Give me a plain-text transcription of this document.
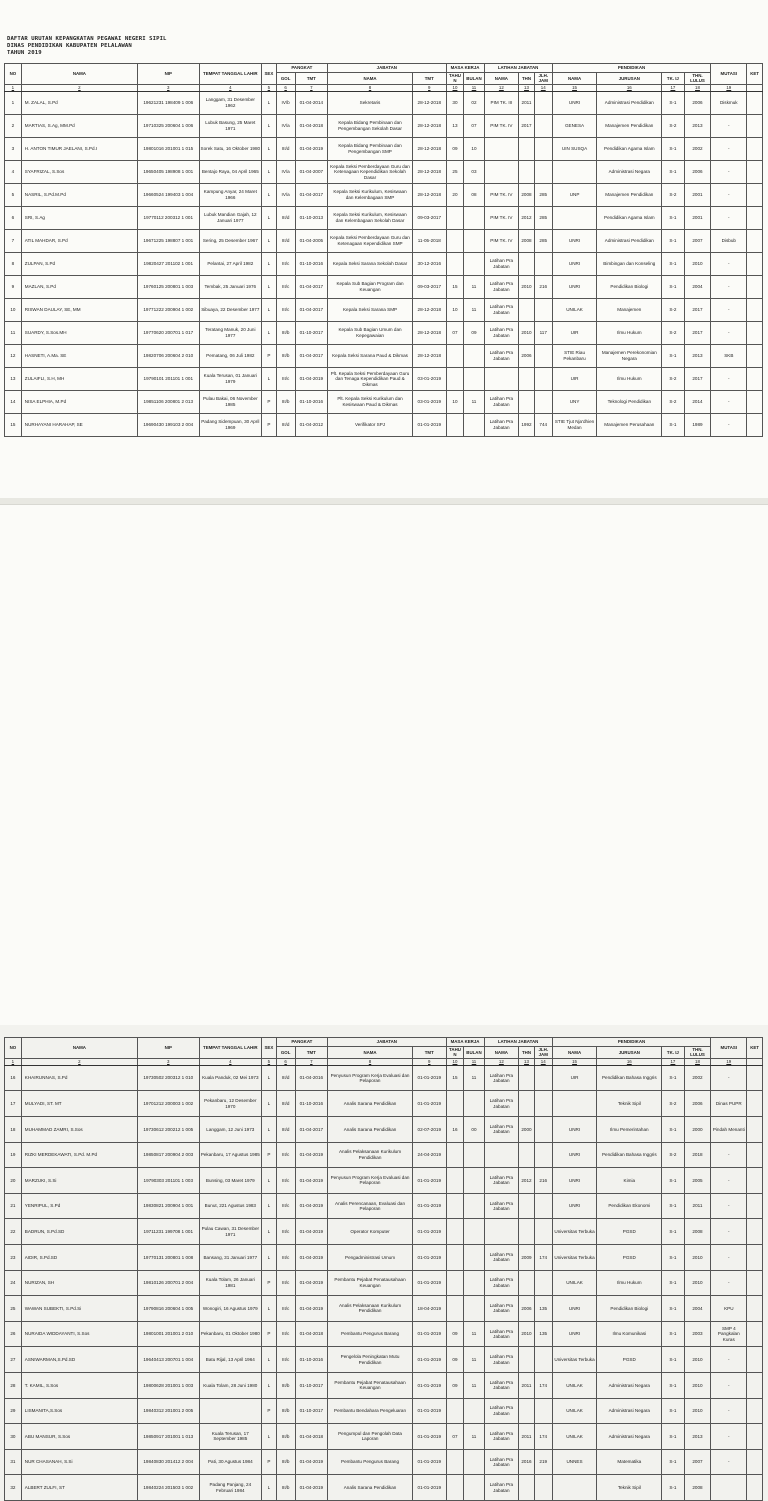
DAFTAR URUTAN KEPANGKATAN PEGAWAI NEGERI SIPIL
DINAS PENDIDIKAN KABUPATEN PELALAWAN
TAHUN 2019
NO	NAMA	NIP	TEMPAT TANGGAL LAHIR	SEX	PANGKAT		JABATAN		MASA KERJA		LATIHAN JABATAN			PENDIDIKAN				MUTASI	KET
					GOL	TMT	NAMA	TMT	TAHUN	BULAN	NAMA	THN	JLH. JAM	NAMA	JURUSAN	TK. IJ	THN. LULUS		
1	2	3	4	5	6	7	8	9	10	11	12	13	14	15	16	17	18	19	
1	M. ZALAL, S.Pd	19621231 198409 1 006	Langgam, 31 Desember 1962	L	IV/b	01-04-2014	Sekretaris	28-12-2018	30	02	PIM TK. III	2011		UNRI	Administrasi Pendidikan	S-1	2006	Diskmuk	
2	MARTIAS, S.Ag, MM.Pd	19710325 200604 1 006	Lubuk Basung, 25 Maret 1971	L	IV/a	01-04-2018	Kepala Bidang Pembinaan dan Pengembangan Sekolah Dasar	28-12-2018	13	07	PIM TK. IV	2017		GENESA	Manajemen Pendidikan	S-2	2013	-	
3	H. ANTON TIMUR JAELANI, S.Pd.I	19801016 201001 1 015	Sorek Satu, 16 Oktober 1980	L	III/d	01-04-2019	Kepala Bidang Pembinaan dan Pengembangan SMP	28-12-2018	09	10				UIN SUSQA	Pendidikan Agama Islam	S-1	2002	-	
4	SYAFRIZAL, S.Sos	19650405 198908 1 001	Bentajo Raya, 04 April 1965	L	IV/a	01-04-2007	Kepala Seksi Pemberdayaan Guru dan Ketenagaan Kependidikan Sekolah Dasar	28-12-2018	25	03					Administrasi Negara	S-1	2006	-	
5	NASRIL, S.Pd.M.Pd	19660524 199403 1 004	Kampung Anyar, 24 Maret 1966	L	IV/a	01-04-2017	Kepala Seksi Kurikulum, Kesiswaan dan Kelembagaan SMP	28-12-2018	20	08	PIM TK. IV	2008	285	UNP	Manajemen Pendidikan	S-2	2001	-	
6	SRI, S.Ag	19770112 200312 1 001	Lubuk Mandian Gajah, 12 Januari 1977	L	III/d	01-10-2013	Kepala Seksi Kurikulum, Kesiswaan dan Kelembagaan Sekolah Dasar	09-03-2017			PIM TK. IV	2012	285		Pendidikan Agama Islam	S-1	2001	-	
7	ATIL MAHDAR, S.Pd	19671225 198807 1 001	Sering, 25 Desember 1967	L	III/d	01-04-2005	Kepala Seksi Pemberdayaan Guru dan Ketenagaan Kependidikan SMP	11-05-2018			PIM TK. IV	2008	285	UNRI	Administrasi Pendidikan	S-1	2007	Disbub	
8	ZULPAN, S.Pd	19820427 201102 1 001	Pelantai, 27 April 1982	L	III/c	01-10-2016	Kepala Seksi Sarana Sekolah Dasar	30-12-2016			Latihan Pra Jabatan			UNRI	Bimbingan dan Konseling	S-1	2010	-	
9	MAZLAN, S.Pd	19760125 200801 1 003	Tembak, 25 Januari 1976	L	III/c	01-04-2017	Kepala Sub Bagian Program dan Keuangan	09-03-2017	15	11	Latihan Pra Jabatan	2010	216	UNRI	Pendidikan Biologi	S-1	2004	-	
10	RISWAN DAULAY, SE, MM	19771222 200904 1 002	Sibuaya, 22 Desember 1977	L	III/c	01-04-2017	Kepala Seksi Sarana SMP	28-12-2018	10	11	Latihan Pra Jabatan			UNILAK	Manajemen	S-2	2017	-	
11	SUARDY, S.Sos.MH	19770620 200701 1 017	Teratang Manuk, 20 Juni 1977	L	III/b	01-10-2017	Kepala Sub Bagian Umum dan Kepegawaian	28-12-2018	07	09	Latihan Pra Jabatan	2010	117	UIR	Ilmu Hukum	S-2	2017	-	
12	HASNETI, A.Ma. SE	19820706 200604 2 010	Pematang, 06 Juli 1982	P	III/b	01-04-2017	Kepala Seksi Sarana Paud & Dikmas	28-12-2018			Latihan Pra Jabatan	2006		STIE Riau Pekanbaru	Manajemen Perekonomian Negara	S-1	2013	SKB	
13	ZULAIFLI, S.H, MH	19790101 201101 1 001	Kuala Terusan, 01 Januari 1979	L	III/c	01-04-2019	Plt. Kepala Seksi Pemberdayaan Guru dan Tenaga Kependidikan Paud & Dikmas	03-01-2019						UIR	Ilmu Hukum	S-2	2017	-	
14	NISA ELPHIA, M.Pd	19851106 200801 2 013	Pulau Bakai, 06 November 1985	P	III/b	01-10-2016	Plt. Kepala Seksi Kurikulum dan Kesiswaan Paud & Dikmas	03-01-2019	10	11	Latihan Pra Jabatan			UNY	Teknologi Pendidikan	S-2	2014	-	
15	NURHAYANI HARAHAP, SE	19690430 199103 2 004	Padang Sidempuan, 30 April 1969	P	III/d	01-04-2012	Verifikator SPJ	01-01-2019			Latihan Pra Jabatan	1992	744	STIE Tjut Nja'dhien Medan	Manajemen Perusahaan	S-1	1989	-	
NO	NAMA	NIP	TEMPAT TANGGAL LAHIR	SEX	PANGKAT		JABATAN		MASA KERJA		LATIHAN JABATAN			PENDIDIKAN				MUTASI	KET
					GOL	TMT	NAMA	TMT	TAHUN	BULAN	NAMA	THN	JLH. JAM	NAMA	JURUSAN	TK. IJ	THN. LULUS		
1	2	3	4	5	6	7	8	9	10	11	12	13	14	15	16	17	18	19	
16	KHAIRUNNAS, S.Pd	19730502 200312 1 010	Kuala Panduk, 02 Mei 1973	L	III/d	01-04-2016	Penyusun Program Kerja Evaluasi dan Pelaporan	01-01-2019	15	11	Latihan Pra Jabatan			UIR	Pendidikan Bahasa Inggris	S-1	2002	-	
17	MULYADI, ST. MT	19701212 200003 1 002	Pekanbaru, 12 Desember 1970	L	III/d	01-10-2016	Analis Sarana Pendidikan	01-01-2019			Latihan Pra Jabatan				Teknik Sipil	S-2	2006	Dinas PUPR	
18	MUHAMMAD ZAMRI, S.Sos	19730612 200212 1 005	Langgam, 12 Juni 1973	L	III/d	01-04-2017	Analis Sarana Pendidikan	02-07-2019	16	00	Latihan Pra Jabatan	2000		UNRI	Ilmu Pemerintahan	S-1	2000	Pindah Menanti	
19	RIZKI MERDEKAWATI, S.Pd. M.Pd	19850817 200904 2 003	Pekanbaru, 17 Agustus 1985	P	III/c	01-04-2019	Analis Pelaksanaan Kurikulum Pendidikan	24-04-2019						UNRI	Pendidikan Bahasa Inggris	S-2	2018	-	
20	MARZUKI, S.Si	19790303 201101 1 003	Bunsing, 03 Maret 1979	L	III/c	01-04-2019	Penyusun Program Kerja Evaluasi dan Pelaporan	01-01-2019			Latihan Pra Jabatan	2012	216	UNRI	Kimia	S-1	2005	-	
21	YENRIPUL, S.Pd	19830821 200904 1 001	Bunut, 221 Agustus 1983	L	III/c	01-04-2019	Analis Perencanaan, Evaluasi dan Pelaporan	01-01-2019			Latihan Pra Jabatan			UNRI	Pendidikan Ekonomi	S-1	2011	-	
22	BADRUN, S.Pd.SD	19711231 199708 1 001	Pulau Cawan, 31 Desember 1971	L	III/c	01-04-2019	Operator Komputer	01-01-2019						Universitas Terbuka	PGSD	S-1	2008	-	
23	AIDIR, S.Pd.SD	19770131 200801 1 008	Bansang, 31 Januari 1977	L	III/c	01-04-2019	Pengadministrasi Umum	01-01-2019			Latihan Pra Jabatan	2009	174	Universitas Terbuka	PGSD	S-1	2010	-	
24	NURIZAN, SH	19810126 200701 2 004	Kuala Tolam, 26 Januari 1981	P	III/c	01-04-2019	Pembantu Pejabat Penatausahaan Keuangan	01-01-2019			Latihan Pra Jabatan			UNILAK	Ilmu Hukum	S-1	2010	-	
25	WAWAN SUBEKTI, S.Pd.Si	19790816 200604 1 005	Wonogiri, 16 Agustus 1979	L	III/c	01-04-2019	Analis Pelaksanaan Kurikulum Pendidikan	18-04-2019			Latihan Pra Jabatan	2006	135	UNRI	Pendidikan Biologi	S-1	2004	KPU	
26	NURAIDA WIDDAYANTI, S.Sos	19801001 201001 2 010	Pekanbaru, 01 Oktober 1980	P	III/c	01-04-2018	Pembantu Pengurus Barang	01-01-2019	09	11	Latihan Pra Jabatan	2010	135	UNRI	Ilmu Komunikasi	S-1	2003	SMP 4 Pangkalan Kuras	
27	ASNIWARMAN,S.Pd.SD	19640413 200701 1 004	Batu Rijal, 13 April 1964	L	III/c	01-10-2016	Pengelola Peningkatan Mutu Pendidikan	01-01-2019	09	11	Latihan Pra Jabatan			Universitas Terbuka	PGSD	S-1	2010	-	
28	T. KAMIL, S.Sos	19800628 201001 1 003	Kuala Tolam, 28 Juni 1980	L	III/b	01-10-2017	Pembantu Pejabat Penatausahaan Keuangan	01-01-2019	09	11	Latihan Pra Jabatan	2011	174	UNILAK	Administrasi Negara	S-1	2010	-	
29	LISMANITA,S.Sos	19840312 201001 2 005		P	III/b	01-10-2017	Pembantu Bendahara Pengeluaran	01-01-2019			Latihan Pra Jabatan			UNILAK	Administrasi Negara	S-1	2010	-	
30	ABU MANSUR, S.Sos	19850917 201001 1 013	Kuala Terusan, 17 September 1985	L	III/b	01-04-2018	Pengumpul dan Pengolah Data Laporan	01-01-2019	07	11	Latihan Pra Jabatan	2011	174	UNILAK	Administrasi Negara	S-1	2013	-	
31	NUR CHASANAH, S.Si	19840830 201412 2 004	Pati, 30 Agustus 1984	P	III/b	01-04-2019	Pembantu Pengurus Barang	01-01-2019			Latihan Pra Jabatan	2016	219	UNNES	Matematika	S-1	2007	-	
32	ALBERT ZULFI, ST	19840224 201503 1 002	Padang Panjang, 24 Februari 1984	L	III/b	01-04-2019	Analis Sarana Pendidikan	01-01-2019			Latihan Pra Jabatan				Teknik Sipil	S-1	2008		
